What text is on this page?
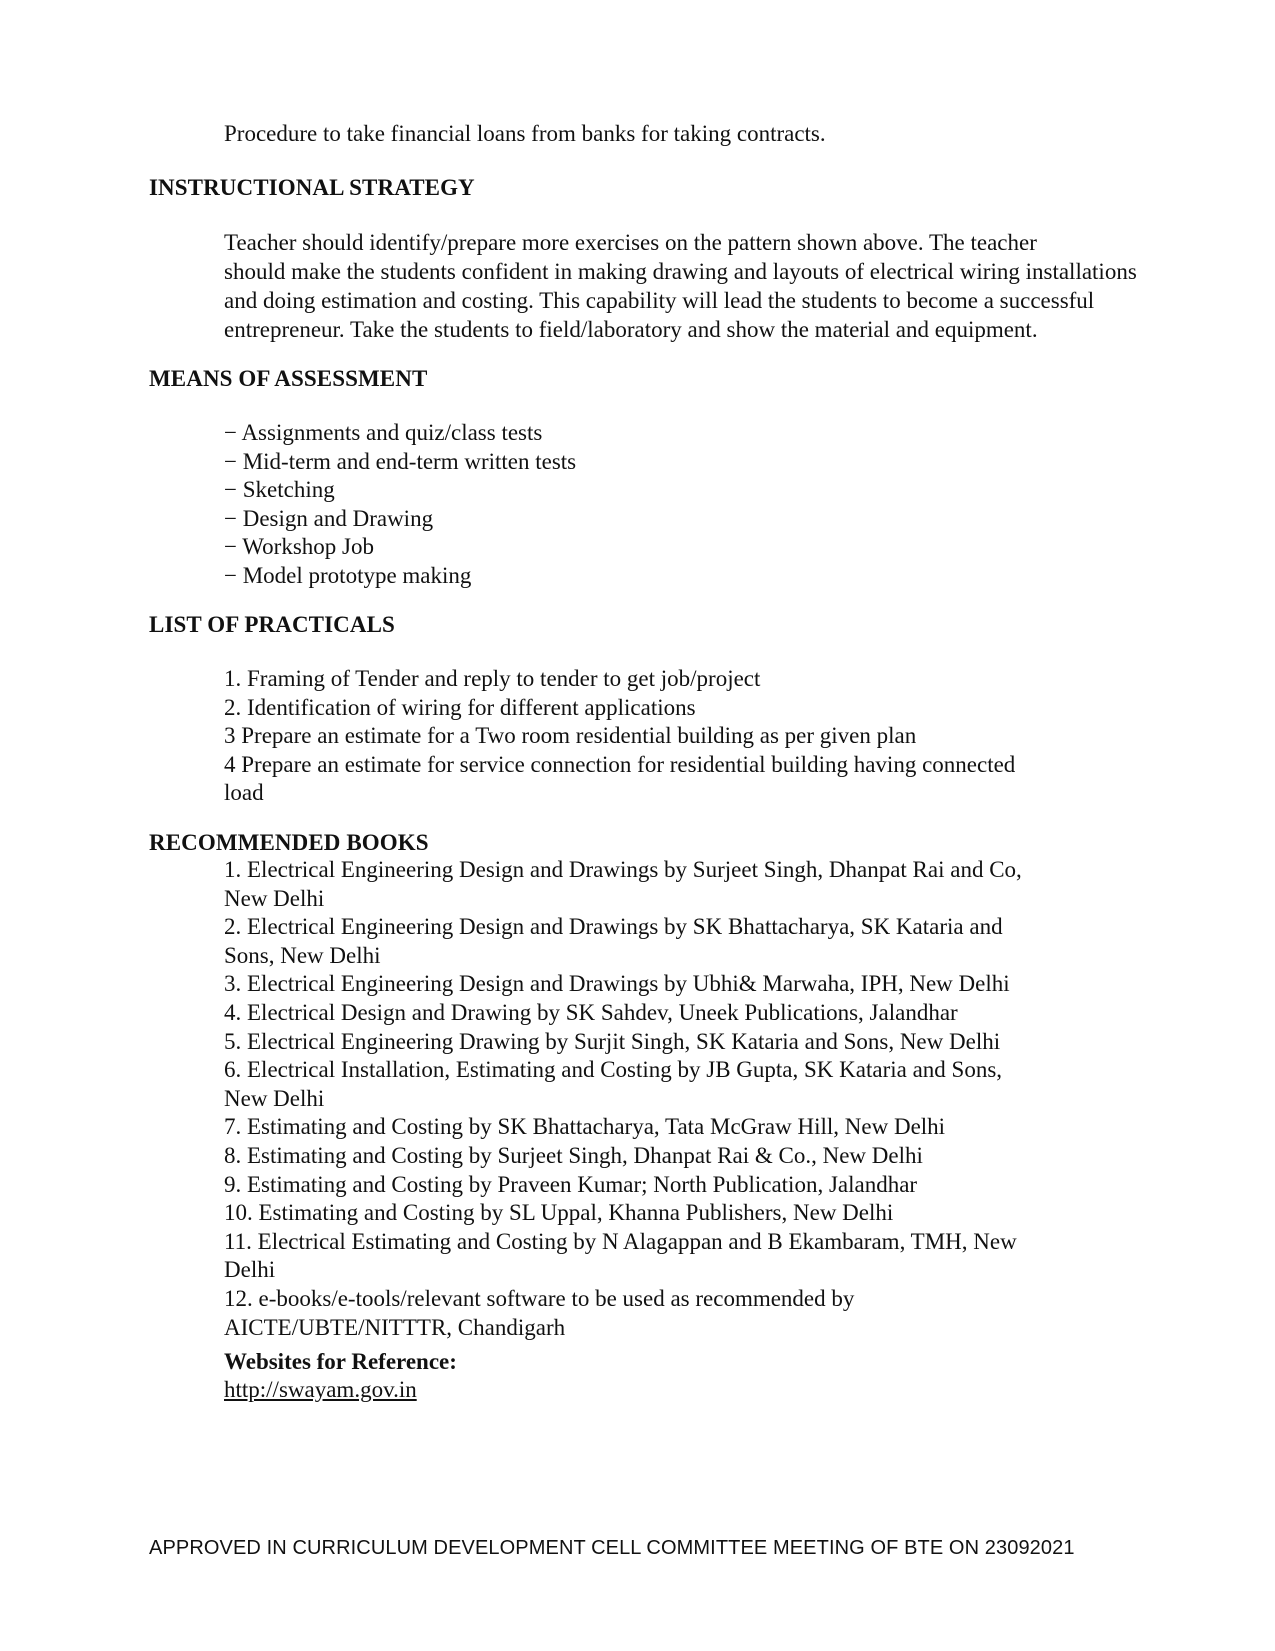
Procedure to take financial loans from banks for taking contracts.
INSTRUCTIONAL STRATEGY
Teacher should identify/prepare more exercises on the pattern shown above. The teacher
should make the students confident in making drawing and layouts of electrical wiring installations
and doing estimation and costing. This capability will lead the students to become a successful
entrepreneur. Take the students to field/laboratory and show the material and equipment.
MEANS OF ASSESSMENT
− Assignments and quiz/class tests
− Mid-term and end-term written tests
− Sketching
− Design and Drawing
− Workshop Job
− Model prototype making
LIST OF PRACTICALS
1. Framing of Tender and reply to tender to get job/project
2. Identification of wiring for different applications
3 Prepare an estimate for a Two room residential building as per given plan
4 Prepare an estimate for service connection for residential building having connected
load
RECOMMENDED BOOKS
1. Electrical Engineering Design and Drawings by Surjeet Singh, Dhanpat Rai and Co,
New Delhi
2. Electrical Engineering Design and Drawings by SK Bhattacharya, SK Kataria and
Sons, New Delhi
3. Electrical Engineering Design and Drawings by Ubhi& Marwaha, IPH, New Delhi
4. Electrical Design and Drawing by SK Sahdev, Uneek Publications, Jalandhar
5. Electrical Engineering Drawing by Surjit Singh, SK Kataria and Sons, New Delhi
6. Electrical Installation, Estimating and Costing by JB Gupta, SK Kataria and Sons,
New Delhi
7. Estimating and Costing by SK Bhattacharya, Tata McGraw Hill, New Delhi
8. Estimating and Costing by Surjeet Singh, Dhanpat Rai & Co., New Delhi
9. Estimating and Costing by Praveen Kumar; North Publication, Jalandhar
10. Estimating and Costing by SL Uppal, Khanna Publishers, New Delhi
11. Electrical Estimating and Costing by N Alagappan and B Ekambaram, TMH, New
Delhi
12. e-books/e-tools/relevant software to be used as recommended by
AICTE/UBTE/NITTTR, Chandigarh
Websites for Reference:
http://swayam.gov.in
APPROVED IN CURRICULUM DEVELOPMENT CELL COMMITTEE MEETING OF BTE ON 23092021
